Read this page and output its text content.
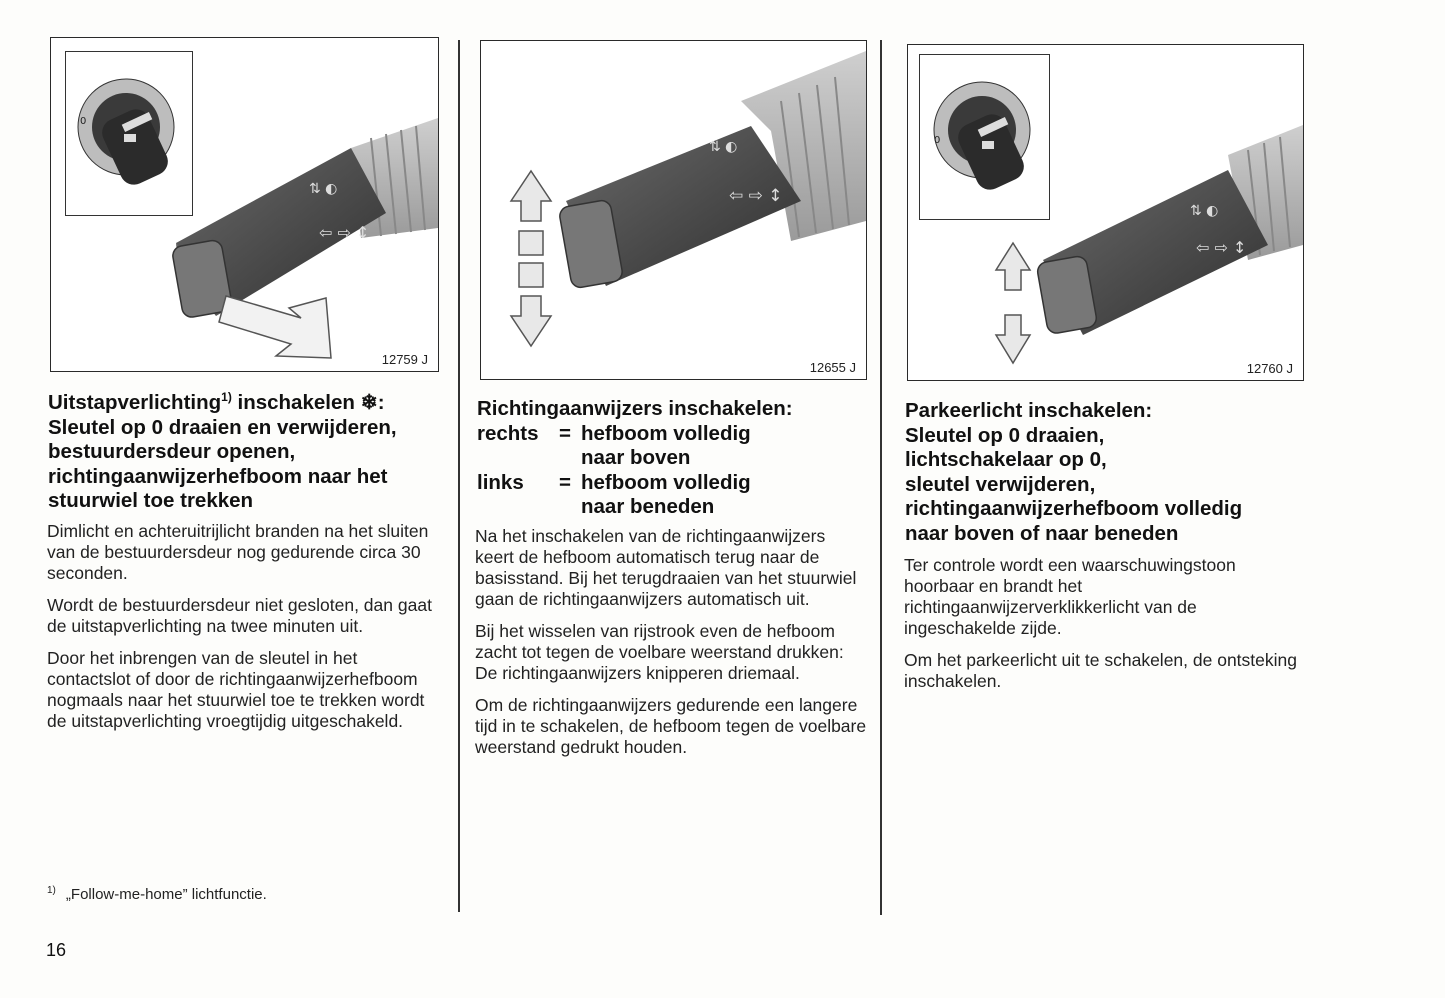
⇅ ◐
⇦ ⇨ ↕
0
12759 J
⇅ ◐
⇦ ⇨ ↕
12655 J
⇅ ◐
⇦ ⇨ ↕
0
12760 J
Uitstapverlichting$^{1)}$ inschakelen ❄:
Sleutel op 0 draaien en verwijderen,
bestuurdersdeur openen,
richtingaanwijzerhefboom naar het
stuurwiel toe trekken

Dimlicht en achteruitrijlicht branden na het sluiten van de bestuurdersdeur nog gedurende circa 30 seconden.

Wordt de bestuurdersdeur niet gesloten, dan gaat de uitstapverlichting na twee minuten uit.

Door het inbrengen van de sleutel in het contactslot of door de richtingaanwijzerhefboom nogmaals naar het stuurwiel toe te trekken wordt de uitstapverlichting vroegtijdig uitgeschakeld.

Richtingaanwijzers inschakelen:
rechts = hefboom volledig
naar boven
links	= hefboom volledig
naar beneden

Na het inschakelen van de richtingaanwijzers keert de hefboom automatisch terug naar de basisstand. Bij het terugdraaien van het stuurwiel gaan de richtingaanwijzers automatisch uit.

Bij het wisselen van rijstrook even de hefboom zacht tot tegen de voelbare weerstand drukken: De richtingaanwijzers knipperen driemaal.

Om de richtingaanwijzers gedurende een langere tijd in te schakelen, de hefboom tegen de voelbare weerstand gedrukt houden.

Parkeerlicht inschakelen:
Sleutel op 0 draaien,
lichtschakelaar op 0,
sleutel verwijderen,
richtingaanwijzerhefboom volledig
naar boven of naar beneden

Ter controle wordt een waarschuwingstoon hoorbaar en brandt het richtingaanwijzerverklikkerlicht van de ingeschakelde zijde.

Om het parkeerlicht uit te schakelen, de ontsteking inschakelen.

$^{1)}$ „Follow-me-home” lichtfunctie.
16
